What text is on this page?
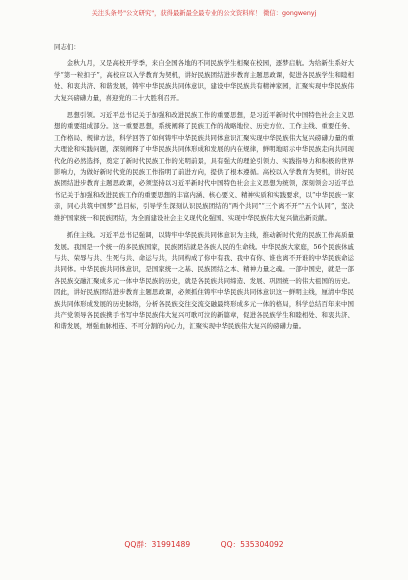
关注头条号"公文研究"，获得最新最全最专业的公文资料库！ 微信：gongwenyj

同志们：

金秋九月，又是高校开学季，来自全国各地的不同民族学生相聚在校园，逐梦启航。为给新生系好大学“第一粒扣子”，高校应以入学教育为契机，讲好民族团结进步教育主题思政课，促进各民族学生和睦相处、和衷共济、和谐发展，铸牢中华民族共同体意识，建设中华民族共有精神家园，汇聚实现中华民族伟大复兴磅礴力量，喜迎党的二十大胜利召开。

思想引领。习近平总书记关于加强和改进民族工作的重要思想，是习近平新时代中国特色社会主义思想的重要组成部分。这一重要思想，系统阐释了民族工作的战略地位、历史方位、工作主线、重要任务、工作格局、规律方法，科学回答了如何铸牢中华民族共同体意识汇聚实现中华民族伟大复兴磅礴力量的重大理论和实践问题，深刻阐释了中华民族共同体形成和发展的内在规律，鲜明地昭示中华民族走向共同现代化的必然选择，奠定了新时代民族工作的光明前景，具有强大的理论引领力、实践指导力和积极的世界影响力，为做好新时代党的民族工作指明了前进方向，提供了根本遵循。高校以入学教育为契机，讲好民族团结进步教育主题思政课，必须坚持以习近平新时代中国特色社会主义思想为统领，深刻领会习近平总书记关于加强和改进民族工作的重要思想的丰富内涵、核心要义、精神实质和实践要求，以“中华民族一家亲，同心共筑中国梦”总目标，引导学生深刻认识民族团结的“两个共同”“三个离不开”“五个认同”，坚决维护国家统一和民族团结，为全面建设社会主义现代化强国、实现中华民族伟大复兴做出新贡献。

抓住主线。习近平总书记强调，以铸牢中华民族共同体意识为主线，推动新时代党的民族工作高质量发展。我国是一个统一的多民族国家，民族团结就是各族人民的生命线。中华民族大家庭，56个民族休戚与共、荣辱与共、生死与共、命运与共，共同构成了你中有我、我中有你、谁也离不开谁的中华民族命运共同体。中华民族共同体意识，是国家统一之基、民族团结之本、精神力量之魂。一部中国史，就是一部各民族交融汇聚成多元一体中华民族的历史，就是各民族共同缔造、发展、巩固统一的伟大祖国的历史。因此，讲好民族团结进步教育主题思政课，必须抓住铸牢中华民族共同体意识这一鲜明主线，厘清中华民族共同体形成发展的历史脉络，分析各民族交往交流交融最终形成多元一体的格局，科学总结百年来中国共产党领导各民族携手书写中华民族伟大复兴可歌可泣的新篇章，促进各民族学生和睦相处、和衷共济、和谐发展，增强血脉相连、不可分割的向心力，汇聚实现中华民族伟大复兴的磅礴力量。

QQ群：31991489	QQ：535304092
